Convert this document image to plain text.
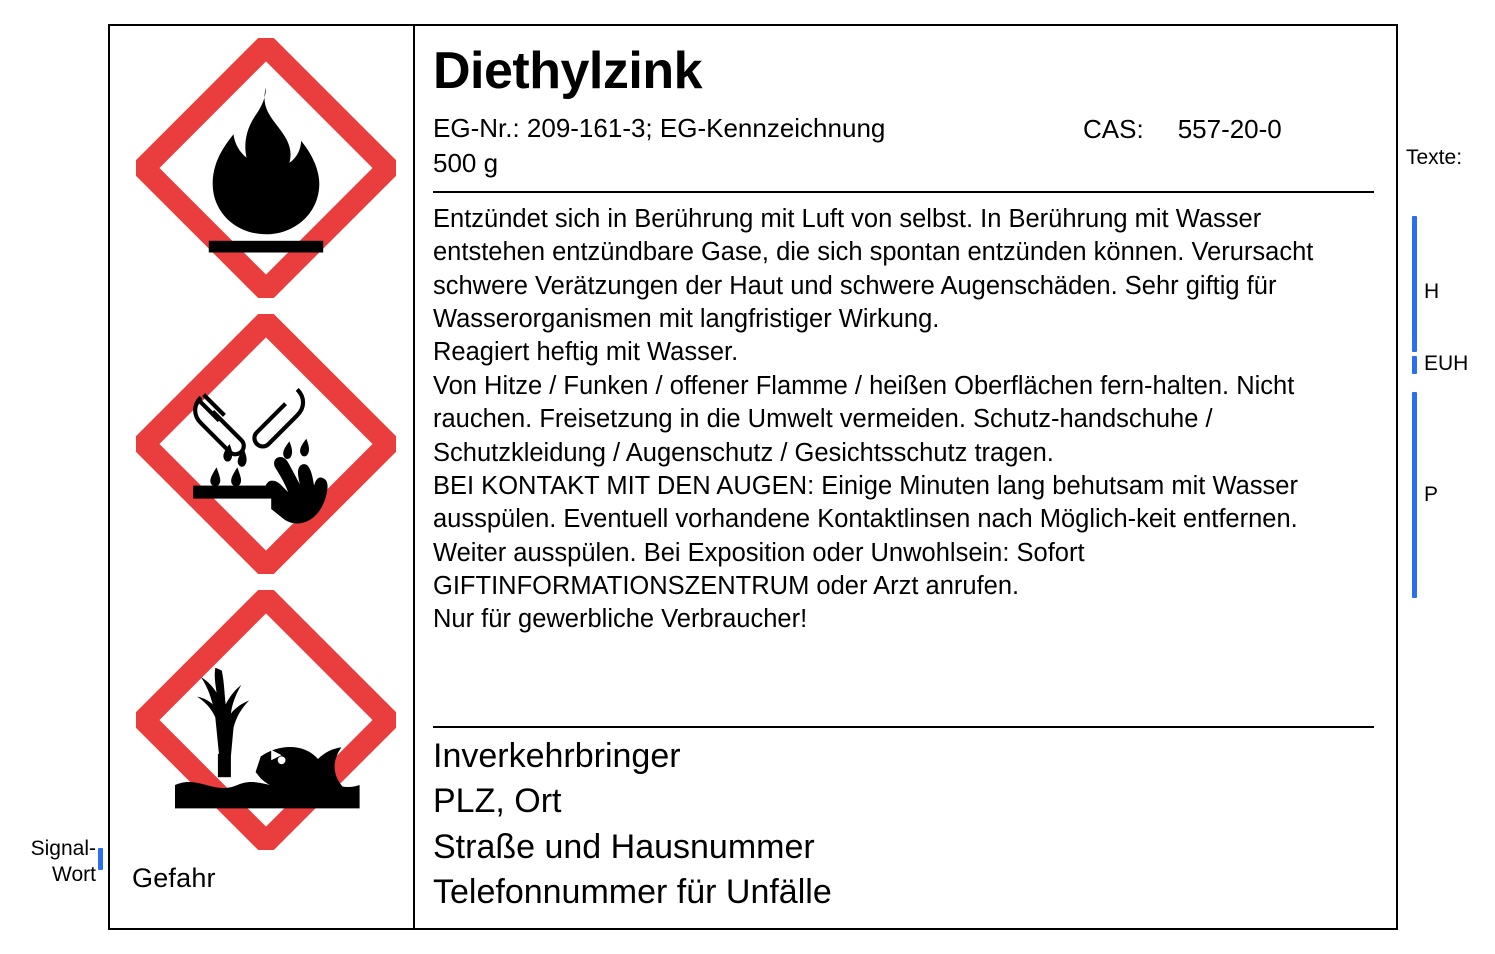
Gefahr
Diethylzink
EG-Nr.: 209-161-3; EG-Kennzeichnung
500 g
CAS: 557-20-0

Entzündet sich in Berührung mit Luft von selbst. In Berührung mit Wasser entstehen entzündbare Gase, die sich spontan entzünden können. Verursacht schwere Verätzungen der Haut und schwere Augenschäden. Sehr giftig für Wasserorganismen mit langfristiger Wirkung.

Reagiert heftig mit Wasser.

Von Hitze / Funken / offener Flamme / heißen Oberflächen fern-halten. Nicht rauchen. Freisetzung in die Umwelt vermeiden. Schutz-handschuhe / Schutzkleidung / Augenschutz / Gesichtsschutz tragen.

BEI KONTAKT MIT DEN AUGEN: Einige Minuten lang behutsam mit Wasser ausspülen. Eventuell vorhandene Kontaktlinsen nach Möglich-keit entfernen. Weiter ausspülen. Bei Exposition oder Unwohlsein: Sofort GIFTINFORMATIONSZENTRUM oder Arzt anrufen.

Nur für gewerbliche Verbraucher!

Inverkehrbringer
PLZ, Ort
Straße und Hausnummer
Telefonnummer für Unfälle
Texte:
H
EUH
P
Signal-
Wort
